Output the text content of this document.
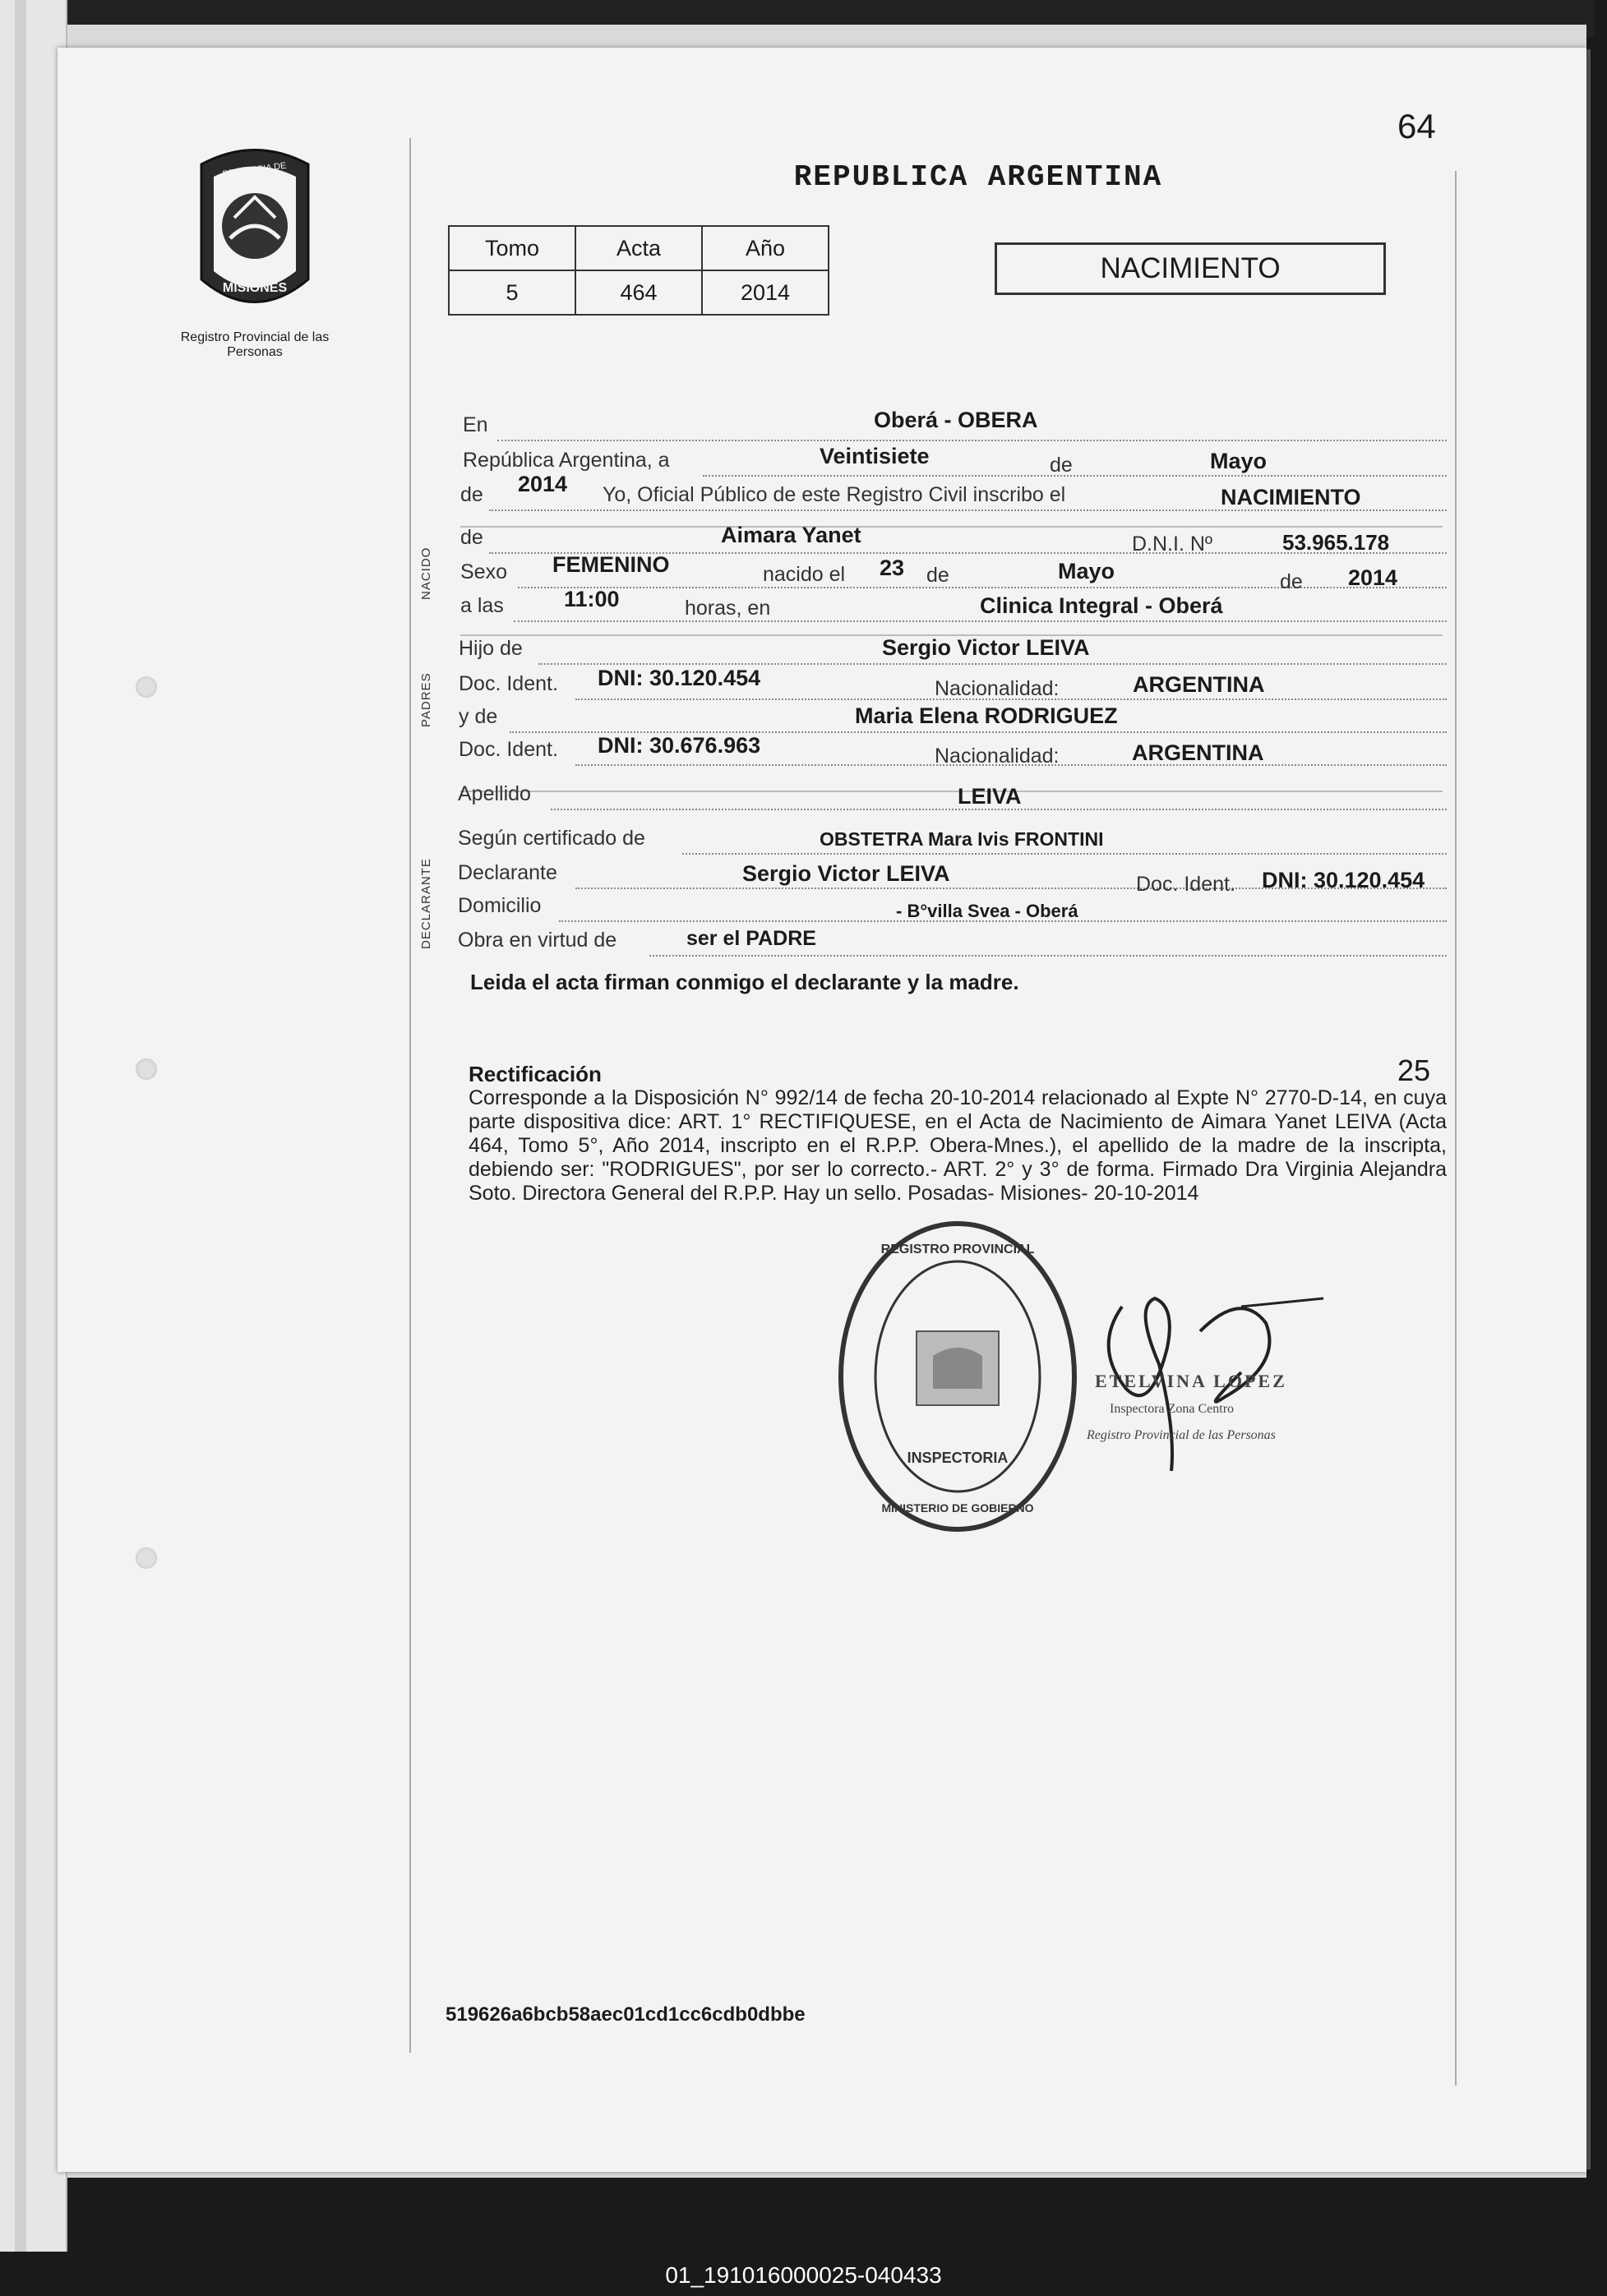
64
REPUBLICA ARGENTINA
PROVINCIA DE
MISIONES
Registro Provincial de las Personas
Tomo	Acta	Año
5	464	2014
NACIMIENTO
NACIDO
PADRES
DECLARANTE
En	Oberá - OBERA
República Argentina, a	Veintisiete	de	Mayo
de 2014 Yo, Oficial Público de este Registro Civil inscribo el	NACIMIENTO
de	Aimara Yanet	D.N.I. Nº	53.965.178
Sexo FEMENINO	nacido el 23 de	Mayo	de 2014
a las	11:00	horas, en	Clinica Integral - Oberá
Hijo de	Sergio Victor LEIVA
Doc. Ident. DNI: 30.120.454	Nacionalidad:	ARGENTINA
y de	Maria Elena RODRIGUEZ
Doc. Ident. DNI: 30.676.963	Nacionalidad:	ARGENTINA
Apellido	LEIVA
Según certificado de	OBSTETRA Mara Ivis FRONTINI
Declarante	Sergio Victor LEIVA	Doc. Ident. DNI: 30.120.454
Domicilio	- B°villa Svea - Oberá
Obra en virtud de	ser el PADRE
Leida el acta firman conmigo el declarante y la madre.
Rectificación	25
Corresponde a la Disposición N° 992/14 de fecha 20-10-2014 relacionado al Expte N° 2770-D-14, en cuya parte dispositiva dice: ART. 1° RECTIFIQUESE, en el Acta de Nacimiento de Aimara Yanet LEIVA (Acta 464, Tomo 5°, Año 2014, inscripto en el R.P.P. Obera-Mnes.), el apellido de la madre de la inscripta, debiendo ser: "RODRIGUES", por ser lo correcto.- ART. 2° y 3° de forma. Firmado Dra Virginia Alejandra Soto. Directora General del R.P.P. Hay un sello. Posadas- Misiones- 20-10-2014
REGISTRO PROVINCIAL
INSPECTORIA
MINISTERIO DE GOBIERNO
ETELVINA LOPEZ
Inspectora Zona Centro
Registro Provincial de las Personas
519626a6bcb58aec01cd1cc6cdb0dbbe
01_191016000025-040433
